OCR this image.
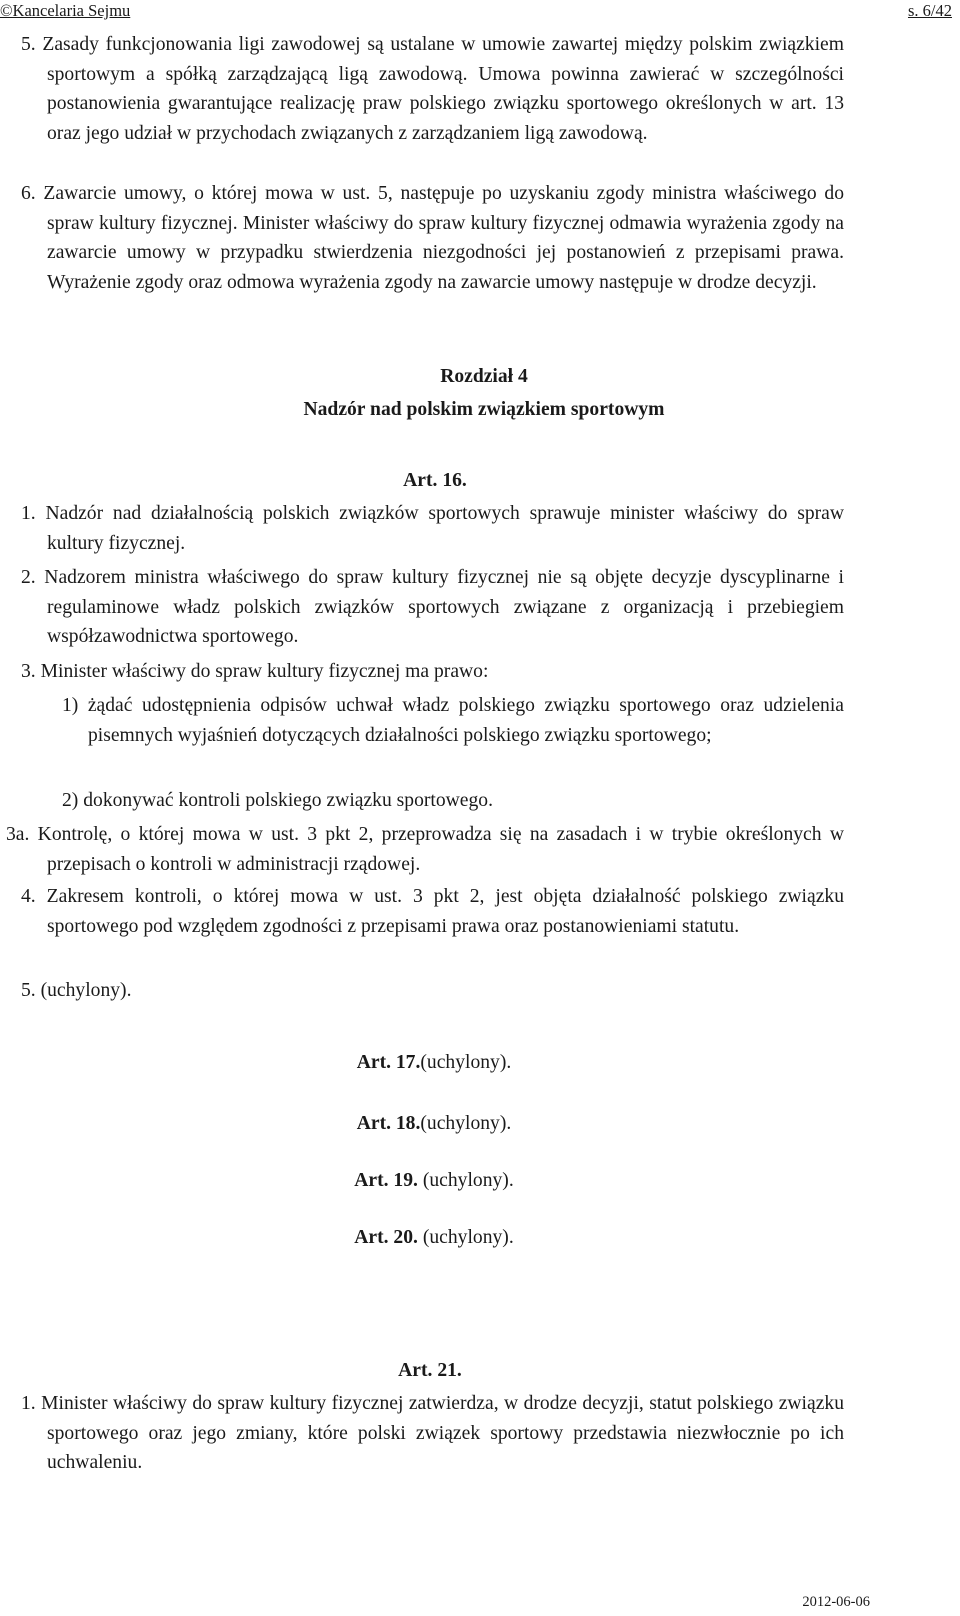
©Kancelaria Sejmu	s. 6/42

5. Zasady funkcjonowania ligi zawodowej są ustalane w umowie zawartej między polskim związkiem sportowym a spółką zarządzającą ligą zawodową. Umowa powinna zawierać w szczególności postanowienia gwarantujące realizację praw polskiego związku sportowego określonych w art. 13 oraz jego udział w przychodach związanych z zarządzaniem ligą zawodową.

6. Zawarcie umowy, o której mowa w ust. 5, następuje po uzyskaniu zgody ministra właściwego do spraw kultury fizycznej. Minister właściwy do spraw kultury fizycznej odmawia wyrażenia zgody na zawarcie umowy w przypadku stwierdzenia niezgodności jej postanowień z przepisami prawa. Wyrażenie zgody oraz odmowa wyrażenia zgody na zawarcie umowy następuje w drodze decyzji.

Rozdział 4
Nadzór nad polskim związkiem sportowym
Art. 16.

1. Nadzór nad działalnością polskich związków sportowych sprawuje minister właściwy do spraw kultury fizycznej.

2. Nadzorem ministra właściwego do spraw kultury fizycznej nie są objęte decyzje dyscyplinarne i regulaminowe władz polskich związków sportowych związane z organizacją i przebiegiem współzawodnictwa sportowego.

3. Minister właściwy do spraw kultury fizycznej ma prawo:

1) żądać udostępnienia odpisów uchwał władz polskiego związku sportowego oraz udzielenia pisemnych wyjaśnień dotyczących działalności polskiego związku sportowego;

2) dokonywać kontroli polskiego związku sportowego.

3a. Kontrolę, o której mowa w ust. 3 pkt 2, przeprowadza się na zasadach i w trybie określonych w przepisach o kontroli w administracji rządowej.

4. Zakresem kontroli, o której mowa w ust. 3 pkt 2, jest objęta działalność polskiego związku sportowego pod względem zgodności z przepisami prawa oraz postanowieniami statutu.

5. (uchylony).

Art. 17.(uchylony).
Art. 18.(uchylony).
Art. 19. (uchylony).
Art. 20. (uchylony).
Art. 21.

1. Minister właściwy do spraw kultury fizycznej zatwierdza, w drodze decyzji, statut polskiego związku sportowego oraz jego zmiany, które polski związek sportowy przedstawia niezwłocznie po ich uchwaleniu.

2012-06-06
